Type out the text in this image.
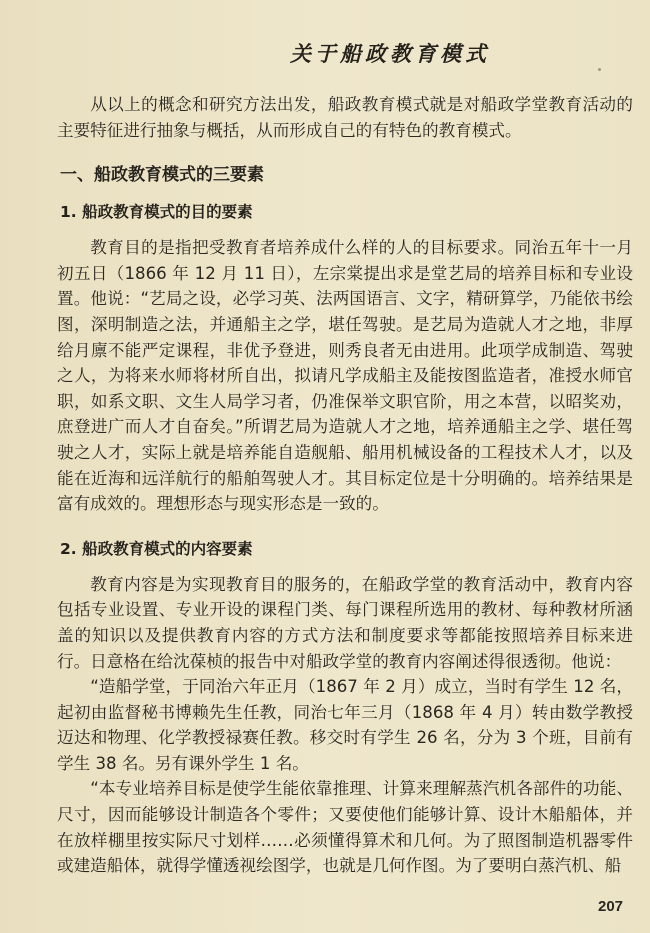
关于船政教育模式

从以上的概念和研究方法出发，船政教育模式就是对船政学堂教育活动的主要特征进行抽象与概括，从而形成自己的有特色的教育模式。

一、船政教育模式的三要素
1. 船政教育模式的目的要素

教育目的是指把受教育者培养成什么样的人的目标要求。同治五年十一月初五日（1866 年 12 月 11 日），左宗棠提出求是堂艺局的培养目标和专业设置。他说：“艺局之设，必学习英、法两国语言、文字，精研算学，乃能依书绘图，深明制造之法，并通船主之学，堪任驾驶。是艺局为造就人才之地，非厚给月廪不能严定课程，非优予登进，则秀良者无由进用。此项学成制造、驾驶之人，为将来水师将材所自出，拟请凡学成船主及能按图监造者，准授水师官职，如系文职、文生人局学习者，仍准保举文职官阶，用之本营，以昭奖劝，庶登进广而人才自奋矣。”所谓艺局为造就人才之地，培养通船主之学、堪任驾驶之人才，实际上就是培养能自造舰船、船用机械设备的工程技术人才，以及能在近海和远洋航行的船舶驾驶人才。其目标定位是十分明确的。培养结果是富有成效的。理想形态与现实形态是一致的。

2. 船政教育模式的内容要素

教育内容是为实现教育目的服务的，在船政学堂的教育活动中，教育内容包括专业设置、专业开设的课程门类、每门课程所选用的教材、每种教材所涵盖的知识以及提供教育内容的方式方法和制度要求等都能按照培养目标来进行。日意格在给沈葆桢的报告中对船政学堂的教育内容阐述得很透彻。他说：

“造船学堂，于同治六年正月（1867 年 2 月）成立，当时有学生 12 名，起初由监督秘书博赖先生任教，同治七年三月（1868 年 4 月）转由数学教授迈达和物理、化学教授禄赛任教。移交时有学生 26 名，分为 3 个班，目前有学生 38 名。另有课外学生 1 名。

“本专业培养目标是使学生能依靠推理、计算来理解蒸汽机各部件的功能、尺寸，因而能够设计制造各个零件；又要使他们能够计算、设计木船船体，并在放样棚里按实际尺寸划样……必须懂得算术和几何。为了照图制造机器零件或建造船体，就得学懂透视绘图学，也就是几何作图。为了要明白蒸汽机、船

207
